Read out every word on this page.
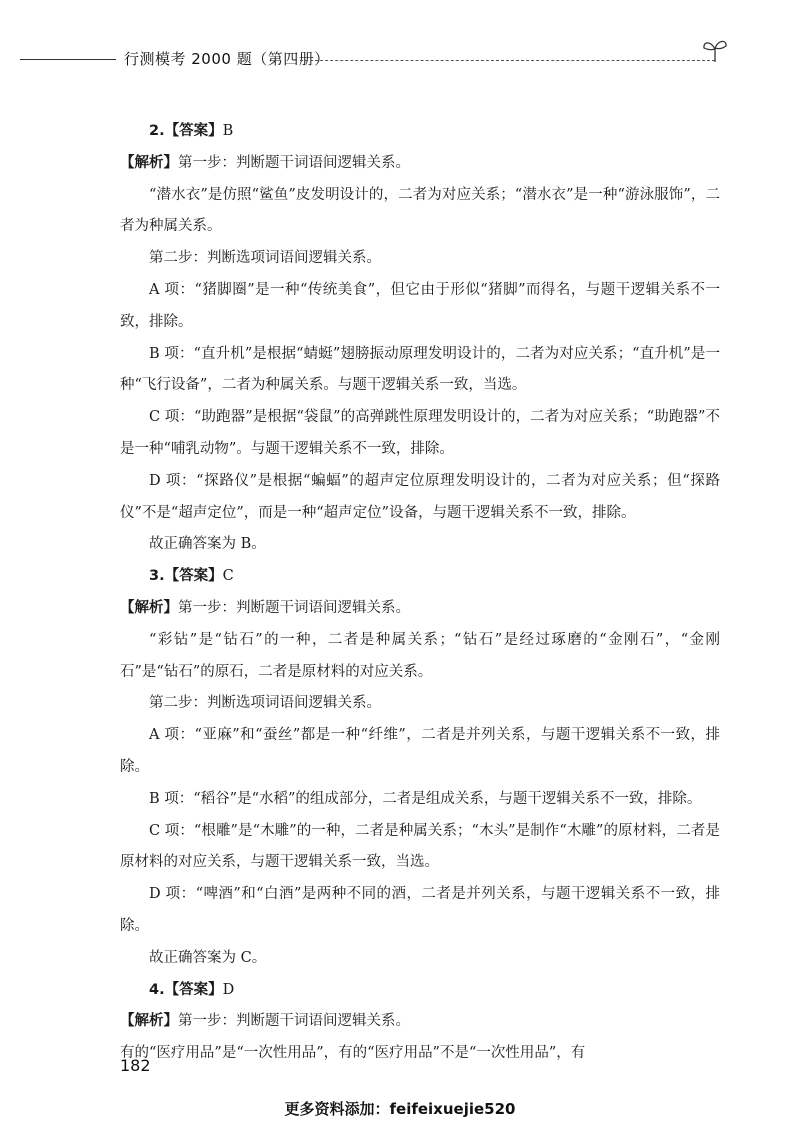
行测模考 2000 题（第四册）

2.【答案】B

【解析】第一步：判断题干词语间逻辑关系。

“潜水衣”是仿照“鲨鱼”皮发明设计的，二者为对应关系；“潜水衣”是一种“游泳服饰”，二者为种属关系。

第二步：判断选项词语间逻辑关系。

A 项：“猪脚圈”是一种“传统美食”，但它由于形似“猪脚”而得名，与题干逻辑关系不一致，排除。

B 项：“直升机”是根据“蜻蜓”翅膀振动原理发明设计的，二者为对应关系；“直升机”是一种“飞行设备”，二者为种属关系。与题干逻辑关系一致，当选。

C 项：“助跑器”是根据“袋鼠”的高弹跳性原理发明设计的，二者为对应关系；“助跑器”不是一种“哺乳动物”。与题干逻辑关系不一致，排除。

D 项：“探路仪”是根据“蝙蝠”的超声定位原理发明设计的，二者为对应关系；但“探路仪”不是“超声定位”，而是一种“超声定位”设备，与题干逻辑关系不一致，排除。

故正确答案为 B。

3.【答案】C

【解析】第一步：判断题干词语间逻辑关系。

“彩钻”是“钻石”的一种，二者是种属关系；“钻石”是经过琢磨的“金刚石”，“金刚石”是“钻石”的原石，二者是原材料的对应关系。

第二步：判断选项词语间逻辑关系。

A 项：“亚麻”和“蚕丝”都是一种“纤维”，二者是并列关系，与题干逻辑关系不一致，排除。

B 项：“稻谷”是“水稻”的组成部分，二者是组成关系，与题干逻辑关系不一致，排除。

C 项：“根雕”是“木雕”的一种，二者是种属关系；“木头”是制作“木雕”的原材料，二者是原材料的对应关系，与题干逻辑关系一致，当选。

D 项：“啤酒”和“白酒”是两种不同的酒，二者是并列关系，与题干逻辑关系不一致，排除。

故正确答案为 C。

4.【答案】D

【解析】第一步：判断题干词语间逻辑关系。

有的“医疗用品”是“一次性用品”，有的“医疗用品”不是“一次性用品”，有

182
更多资料添加：feifeixuejie520
